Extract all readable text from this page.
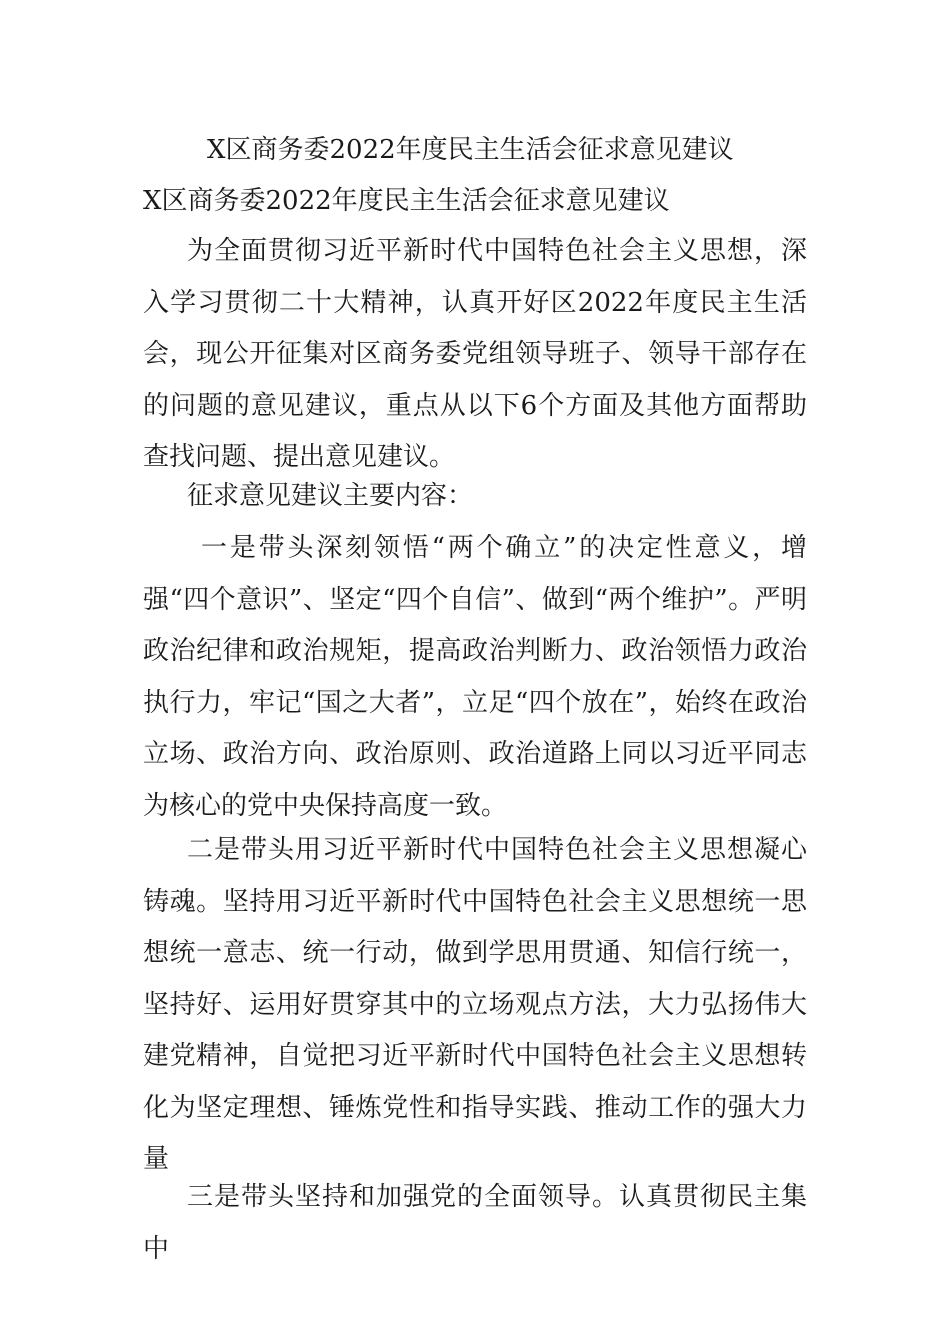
X区商务委2022年度民主生活会征求意见建议
X区商务委2022年度民主生活会征求意见建议

为全面贯彻习近平新时代中国特色社会主义思想，深入学习贯彻二十大精神，认真开好区2022年度民主生活会，现公开征集对区商务委党组领导班子、领导干部存在的问题的意见建议，重点从以下6个方面及其他方面帮助查找问题、提出意见建议。

征求意见建议主要内容：

一是带头深刻领悟“两个确立”的决定性意义，增强“四个意识”、坚定“四个自信”、做到“两个维护”。严明政治纪律和政治规矩，提高政治判断力、政治领悟力政治执行力，牢记“国之大者”，立足“四个放在”，始终在政治立场、政治方向、政治原则、政治道路上同以习近平同志为核心的党中央保持高度一致。

二是带头用习近平新时代中国特色社会主义思想凝心铸魂。坚持用习近平新时代中国特色社会主义思想统一思想统一意志、统一行动，做到学思用贯通、知信行统一，坚持好、运用好贯穿其中的立场观点方法，大力弘扬伟大建党精神，自觉把习近平新时代中国特色社会主义思想转化为坚定理想、锤炼党性和指导实践、推动工作的强大力量

三是带头坚持和加强党的全面领导。认真贯彻民主集中
